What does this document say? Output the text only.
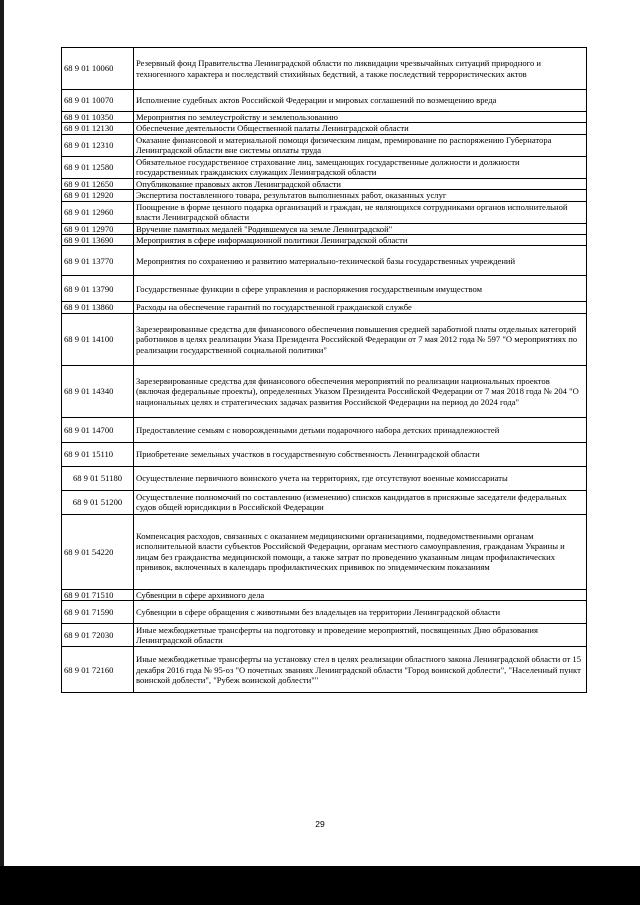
68 9 01 10060	Резервный фонд Правительства Ленинградской области по ликвидации чрезвычайных ситуаций природного и техногенного характера и последствий стихийных бедствий, а также последствий террористических актов
68 9 01 10070	Исполнение судебных актов Российской Федерации и мировых соглашений по возмещению вреда
68 9 01 10350	Мероприятия по землеустройству и землепользованию
68 9 01 12130	Обеспечение деятельности Общественной палаты Ленинградской области
68 9 01 12310	Оказание финансовой и материальной помощи физическим лицам, премирование по распоряжению Губернатора Ленинградской области вне системы оплаты труда
68 9 01 12580	Обязательное государственное страхование лиц, замещающих государственные должности и должности государственных гражданских служащих Ленинградской области
68 9 01 12650	Опубликование правовых актов Ленинградской области
68 9 01 12920	Экспертиза поставленного товара, результатов выполненных работ, оказанных услуг
68 9 01 12960	Поощрение в форме ценного подарка организаций и граждан, не являющихся сотрудниками органов исполнительной власти Ленинградской области
68 9 01 12970	Вручение памятных медалей "Родившемуся на земле Ленинградской"
68 9 01 13690	Мероприятия в сфере информационной политики Ленинградской области
68 9 01 13770	Мероприятия по сохранению и развитию материально-технической базы государственных учреждений
68 9 01 13790	Государственные функции в сфере управления и распоряжения государственным имуществом
68 9 01 13860	Расходы на обеспечение гарантий по государственной гражданской службе
68 9 01 14100	Зарезервированные средства для финансового обеспечения повышения средней заработной платы отдельных категорий работников в целях реализации Указа Президента Российской Федерации от 7 мая 2012 года № 597 "О мероприятиях по реализации государственной социальной политики"
68 9 01 14340	Зарезервированные средства для финансового обеспечения мероприятий по реализации национальных проектов (включая федеральные проекты), определенных Указом Президента Российской Федерации от 7 мая 2018 года № 204 "О национальных целях и стратегических задачах развития Российской Федерации на период до 2024 года"
68 9 01 14700	Предоставление семьям с новорожденными детьми подарочного набора детских принадлежностей
68 9 01 15110	Приобретение земельных участков в государственную собственность Ленинградской области
68 9 01 51180	Осуществление первичного воинского учета на территориях, где отсутствуют военные комиссариаты
68 9 01 51200	Осуществление полномочий по составлению (изменению) списков кандидатов в присяжные заседатели федеральных судов общей юрисдикции в Российской Федерации
68 9 01 54220	Компенсация расходов, связанных с оказанием медицинскими организациями, подведомственными органам исполнительной власти субъектов Российской Федерации, органам местного самоуправления, гражданам Украины и лицам без гражданства медицинской помощи, а также затрат по проведению указанным лицам профилактических прививок, включенных в календарь профилактических прививок по эпидемическим показаниям
68 9 01 71510	Субвенции в сфере архивного дела
68 9 01 71590	Субвенции в сфере обращения с животными без владельцев на территории Ленинградской области
68 9 01 72030	Иные межбюджетные трансферты на подготовку и проведение мероприятий, посвященных Дню образования Ленинградской области
68 9 01 72160	Иные межбюджетные трансферты на установку стел в целях реализации областного закона Ленинградской области от 15 декабря 2016 года № 95-оз "О почетных званиях Ленинградской области "Город воинской доблести", "Населенный пункт воинской доблести", "Рубеж воинской доблести""
29
